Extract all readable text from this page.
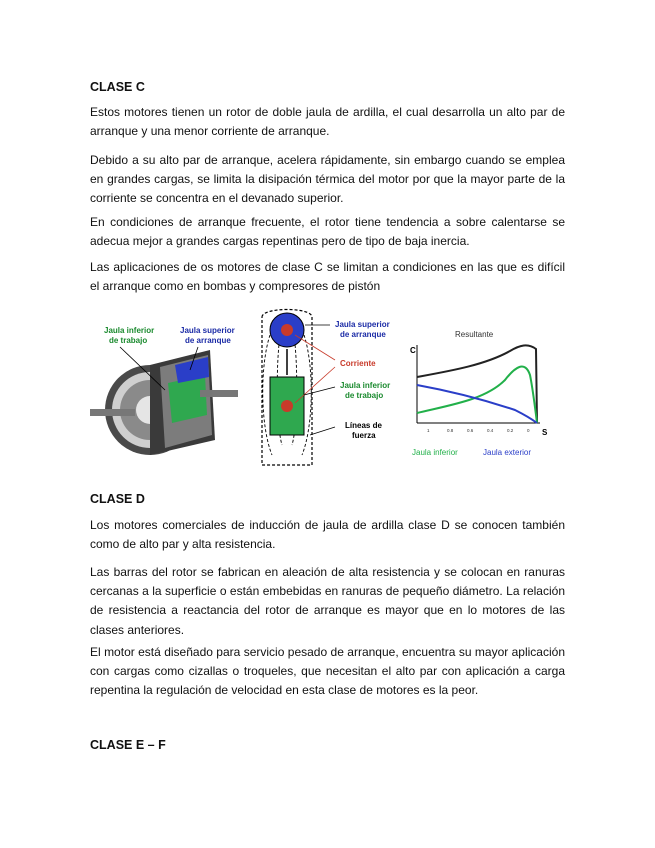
CLASE C

Estos motores tienen un rotor de doble jaula de ardilla, el cual desarrolla un alto par de arranque y una menor corriente de arranque.

Debido a su alto par de arranque, acelera rápidamente, sin embargo cuando se emplea en grandes cargas, se limita la disipación térmica del motor por que la mayor parte de la corriente se concentra en el devanado superior.

En condiciones de arranque frecuente, el rotor tiene tendencia a sobre calentarse se adecua mejor a grandes cargas repentinas pero de tipo de baja inercia.

Las aplicaciones de os motores de clase C se limitan a condiciones en las que es difícil el arranque como en bombas y compresores de pistón

Jaula inferior
de trabajo
Jaula superior
de arranque
Jaula superior
de arranque
Corriente
Jaula inferior
de trabajo
Líneas de
fuerza
Resultante
C
S
1	0.8	0.6	0.4	0.2	0
Jaula inferior	Jaula exterior
CLASE D

Los motores comerciales de inducción de jaula de ardilla clase D se conocen también como de alto par y alta resistencia.

Las barras del rotor se fabrican en aleación de alta resistencia y se colocan en ranuras cercanas a la superficie o están embebidas en ranuras de pequeño diámetro. La relación de resistencia a reactancia del rotor de arranque es mayor que en lo motores de las clases anteriores.

El motor está diseñado para servicio pesado de arranque, encuentra su mayor aplicación con cargas como cizallas o troqueles, que necesitan el alto par con aplicación a carga repentina la regulación de velocidad en esta clase de motores es la peor.

CLASE E – F
